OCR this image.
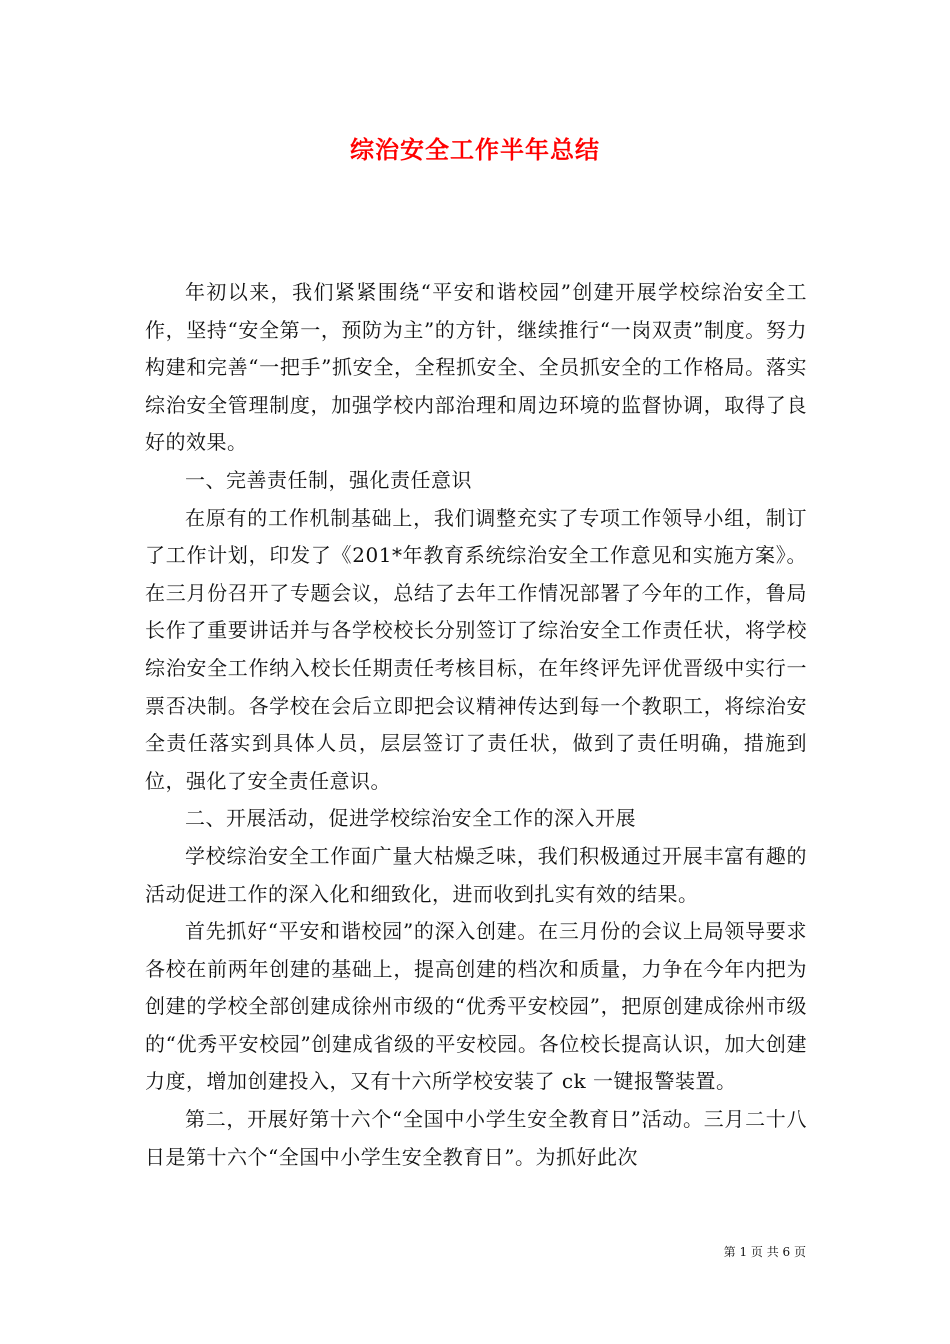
综治安全工作半年总结

年初以来，我们紧紧围绕“平安和谐校园”创建开展学校综治安全工作，坚持“安全第一，预防为主”的方针，继续推行“一岗双责”制度。努力构建和完善“一把手”抓安全，全程抓安全、全员抓安全的工作格局。落实综治安全管理制度，加强学校内部治理和周边环境的监督协调，取得了良好的效果。

一、完善责任制，强化责任意识

在原有的工作机制基础上，我们调整充实了专项工作领导小组，制订了工作计划，印发了《201*年教育系统综治安全工作意见和实施方案》。在三月份召开了专题会议，总结了去年工作情况部署了今年的工作，鲁局长作了重要讲话并与各学校校长分别签订了综治安全工作责任状，将学校综治安全工作纳入校长任期责任考核目标，在年终评先评优晋级中实行一票否决制。各学校在会后立即把会议精神传达到每一个教职工，将综治安全责任落实到具体人员，层层签订了责任状，做到了责任明确，措施到位，强化了安全责任意识。

二、开展活动，促进学校综治安全工作的深入开展

学校综治安全工作面广量大枯燥乏味，我们积极通过开展丰富有趣的活动促进工作的深入化和细致化，进而收到扎实有效的结果。

首先抓好“平安和谐校园”的深入创建。在三月份的会议上局领导要求各校在前两年创建的基础上，提高创建的档次和质量，力争在今年内把为创建的学校全部创建成徐州市级的“优秀平安校园”，把原创建成徐州市级的“优秀平安校园”创建成省级的平安校园。各位校长提高认识，加大创建力度，增加创建投入，又有十六所学校安装了 ck 一键报警装置。

第二，开展好第十六个“全国中小学生安全教育日”活动。三月二十八日是第十六个“全国中小学生安全教育日”。为抓好此次

第 1 页 共 6 页
